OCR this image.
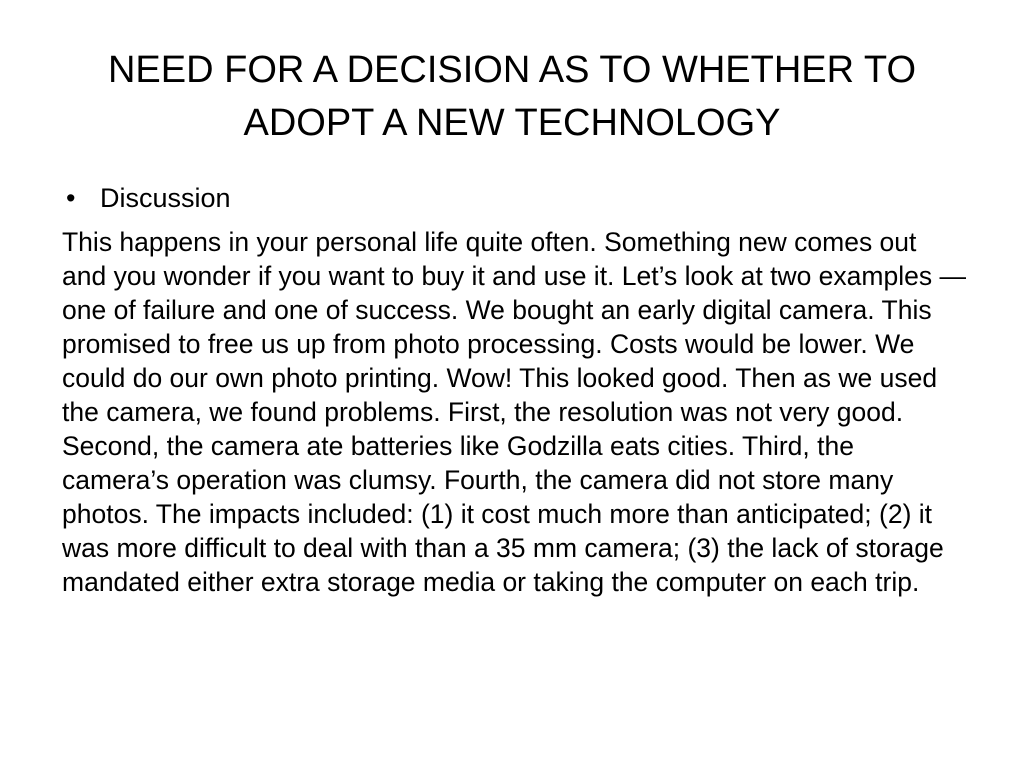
NEED FOR A DECISION AS TO WHETHER TO ADOPT A NEW TECHNOLOGY
• Discussion

This happens in your personal life quite often. Something new comes out and you wonder if you want to buy it and use it. Let’s look at two examples — one of failure and one of success. We bought an early digital camera. This promised to free us up from photo processing. Costs would be lower. We could do our own photo printing. Wow! This looked good. Then as we used the camera, we found problems. First, the resolution was not very good. Second, the camera ate batteries like Godzilla eats cities. Third, the camera’s operation was clumsy. Fourth, the camera did not store many photos. The impacts included: (1) it cost much more than anticipated; (2) it was more difficult to deal with than a 35 mm camera; (3) the lack of storage mandated either extra storage media or taking the computer on each trip.
